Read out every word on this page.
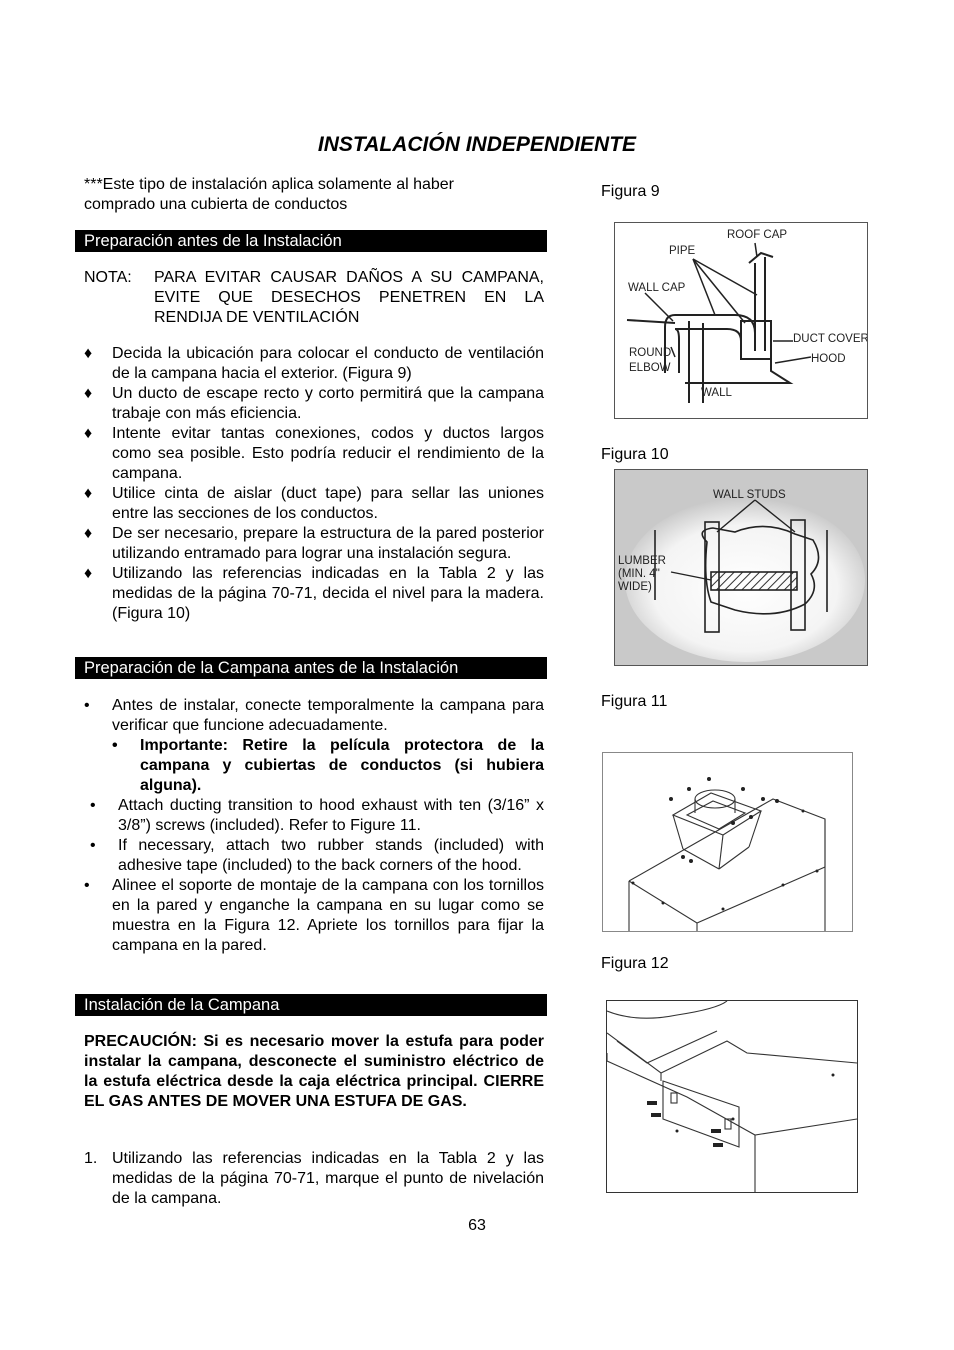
INSTALACIÓN INDEPENDIENTE
***Este tipo de instalación aplica solamente al haber comprado una cubierta de conductos
Preparación antes de la Instalación
NOTA: PARA EVITAR CAUSAR DAÑOS A SU CAMPANA, EVITE QUE DESECHOS PENETREN EN LA RENDIJA DE VENTILACIÓN
♦ Decida la ubicación para colocar el conducto de ventilación de la campana hacia el exterior. (Figura 9)
♦ Un ducto de escape recto y corto permitirá que la campana trabaje con más eficiencia.
♦ Intente evitar tantas conexiones, codos y ductos largos como sea posible. Esto podría reducir el rendimiento de la campana.
♦ Utilice cinta de aislar (duct tape) para sellar las uniones entre las secciones de los conductos.
♦ De ser necesario, prepare la estructura de la pared posterior utilizando entramado para lograr una instalación segura.
♦ Utilizando las referencias indicadas en la Tabla 2 y las medidas de la página 70-71, decida el nivel para la madera. (Figura 10)
Preparación de la Campana antes de la Instalación
• Antes de instalar, conecte temporalmente la campana para verificar que funcione adecuadamente.
• Importante: Retire la película protectora de la campana y cubiertas de conductos (si hubiera alguna).
• Attach ducting transition to hood exhaust with ten (3/16” x 3/8”) screws (included). Refer to Figure 11.
• If necessary, attach two rubber stands (included) with adhesive tape (included) to the back corners of the hood.
• Alinee el soporte de montaje de la campana con los tornillos en la pared y enganche la campana en su lugar como se muestra en la Figura 12. Apriete los tornillos para fijar la campana en la pared.
Instalación de la Campana
PRECAUCIÓN: Si es necesario mover la estufa para poder instalar la campana, desconecte el suministro eléctrico de la estufa eléctrica desde la caja eléctrica principal. CIERRE EL GAS ANTES DE MOVER UNA ESTUFA DE GAS.
1. Utilizando las referencias indicadas en la Tabla 2 y las medidas de la página 70-71, marque el punto de nivelación de la campana.
63
Figura 9
ROOF CAP
PIPE
WALL CAP
DUCT COVER
HOOD
ROUND
ELBOW
WALL
Figura 10
WALL STUDS
LUMBER
(MIN. 4"
WIDE)
Figura 11
Figura 12
